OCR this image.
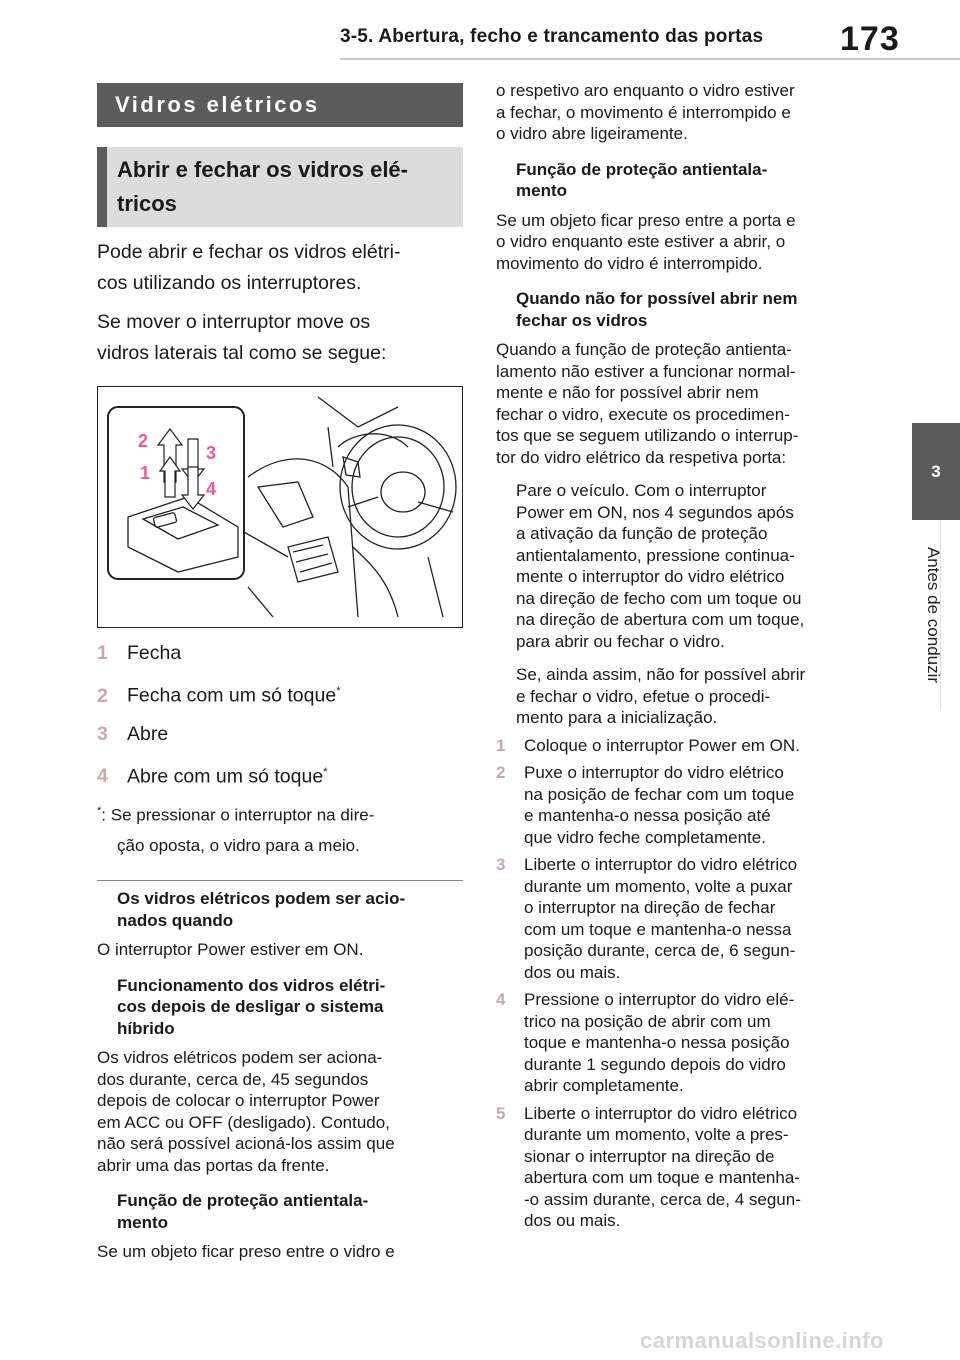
3-5. Abertura, fecho e trancamento das portas 173
3
Antes de conduzir
Vidros elétricos
Abrir e fechar os vidros elé-
tricos
Pode abrir e fechar os vidros elétri-
cos utilizando os interruptores.
Se mover o interruptor move os
vidros laterais tal como se segue:
2
3
1
4
1 Fecha
2 Fecha com um só toque*
3 Abre
4 Abre com um só toque*
*: Se pressionar o interruptor na dire-
ção oposta, o vidro para a meio.
Os vidros elétricos podem ser acio-
nados quando
O interruptor Power estiver em ON.
Funcionamento dos vidros elétri-
cos depois de desligar o sistema
híbrido
Os vidros elétricos podem ser aciona-
dos durante, cerca de, 45 segundos
depois de colocar o interruptor Power
em ACC ou OFF (desligado). Contudo,
não será possível acioná-los assim que
abrir uma das portas da frente.
Função de proteção antientala-
mento
Se um objeto ficar preso entre o vidro e
o respetivo aro enquanto o vidro estiver
a fechar, o movimento é interrompido e
o vidro abre ligeiramente.
Função de proteção antientala-
mento
Se um objeto ficar preso entre a porta e
o vidro enquanto este estiver a abrir, o
movimento do vidro é interrompido.
Quando não for possível abrir nem
fechar os vidros
Quando a função de proteção antienta-
lamento não estiver a funcionar normal-
mente e não for possível abrir nem
fechar o vidro, execute os procedimen-
tos que se seguem utilizando o interrup-
tor do vidro elétrico da respetiva porta:
Pare o veículo. Com o interruptor
Power em ON, nos 4 segundos após
a ativação da função de proteção
antientalamento, pressione continua-
mente o interruptor do vidro elétrico
na direção de fecho com um toque ou
na direção de abertura com um toque,
para abrir ou fechar o vidro.
Se, ainda assim, não for possível abrir
e fechar o vidro, efetue o procedi-
mento para a inicialização.
1	Coloque o interruptor Power em ON.
2	Puxe o interruptor do vidro elétrico
na posição de fechar com um toque
e mantenha-o nessa posição até
que vidro feche completamente.
3	Liberte o interruptor do vidro elétrico
durante um momento, volte a puxar
o interruptor na direção de fechar
com um toque e mantenha-o nessa
posição durante, cerca de, 6 segun-
dos ou mais.
4	Pressione o interruptor do vidro elé-
trico na posição de abrir com um
toque e mantenha-o nessa posição
durante 1 segundo depois do vidro
abrir completamente.
5	Liberte o interruptor do vidro elétrico
durante um momento, volte a pres-
sionar o interruptor na direção de
abertura com um toque e mantenha-
-o assim durante, cerca de, 4 segun-
dos ou mais.
carmanualsonline.info
